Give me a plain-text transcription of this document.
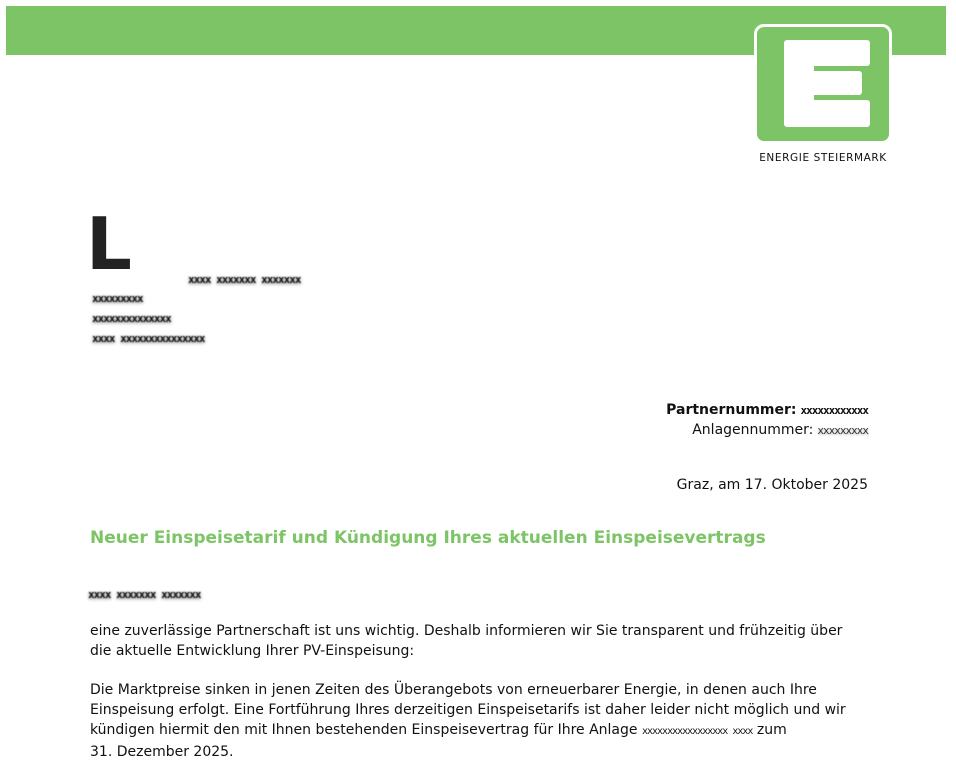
ENERGIE STEIERMARK
L	xxxx xxxxxxx xxxxxxx
xxxxxxxxx
xxxxxxxxxxxxxx
xxxx xxxxxxxxxxxxxxx
Partnernummer: xxxxxxxxxxxx
Anlagennummer: xxxxxxxxx
Graz, am 17. Oktober 2025
Neuer Einspeisetarif und Kündigung Ihres aktuellen Einspeisevertrags
xxxx xxxxxxx xxxxxxx
eine zuverlässige Partnerschaft ist uns wichtig. Deshalb informieren wir Sie transparent und frühzeitig über
die aktuelle Entwicklung Ihrer PV-Einspeisung:
Die Marktpreise sinken in jenen Zeiten des Überangebots von erneuerbarer Energie, in denen auch Ihre
Einspeisung erfolgt. Eine Fortführung Ihres derzeitigen Einspeisetarifs ist daher leider nicht möglich und wir
kündigen hiermit den mit Ihnen bestehenden Einspeisevertrag für Ihre Anlage xxxxxxxxxxxxxxxxx xxxx zum
31. Dezember 2025.
